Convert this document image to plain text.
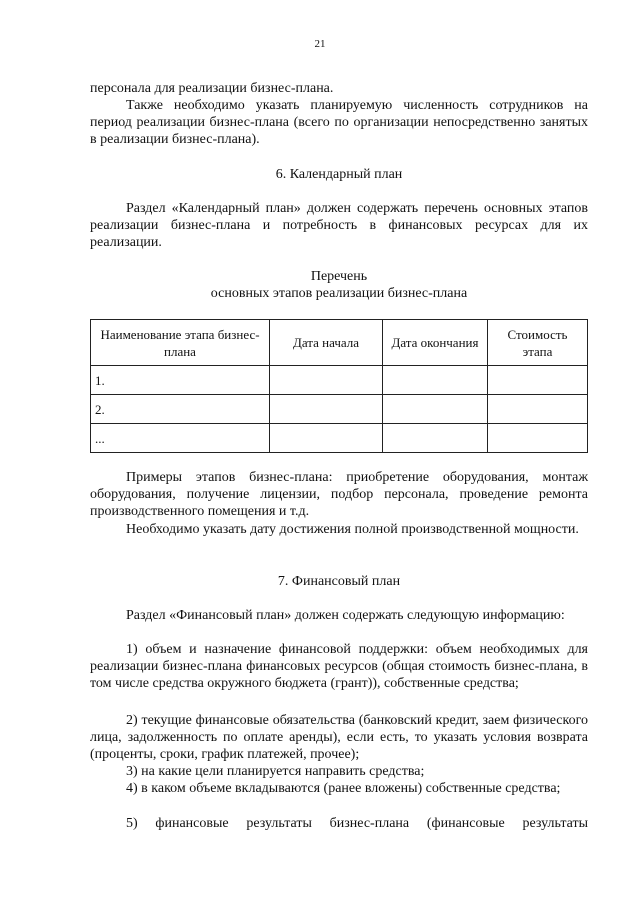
21

персонала для реализации бизнес-плана.

Также необходимо указать планируемую численность сотрудников на период реализации бизнес-плана (всего по организации непосредственно занятых в реализации бизнес-плана).

6. Календарный план

Раздел «Календарный план» должен содержать перечень основных этапов реализации бизнес-плана и потребность в финансовых ресурсах для их реализации.

Перечень

основных этапов реализации бизнес-плана

Наименование этапа бизнес-плана	Дата начала	Дата окончания	Стоимость этапа
1.			
2.			
...			

Примеры этапов бизнес-плана: приобретение оборудования, монтаж оборудования, получение лицензии, подбор персонала, проведение ремонта производственного помещения и т.д.

Необходимо указать дату достижения полной производственной мощности.

7. Финансовый план

Раздел «Финансовый план» должен содержать следующую информацию:

1) объем и назначение финансовой поддержки: объем необходимых для реализации бизнес-плана финансовых ресурсов (общая стоимость бизнес-плана, в том числе средства окружного бюджета (грант)), собственные средства;

2) текущие финансовые обязательства (банковский кредит, заем физического лица, задолженность по оплате аренды), если есть, то указать условия возврата (проценты, сроки, график платежей, прочее);

3) на какие цели планируется направить средства;

4) в каком объеме вкладываются (ранее вложены) собственные средства;

5) финансовые результаты бизнес-плана (финансовые результаты
